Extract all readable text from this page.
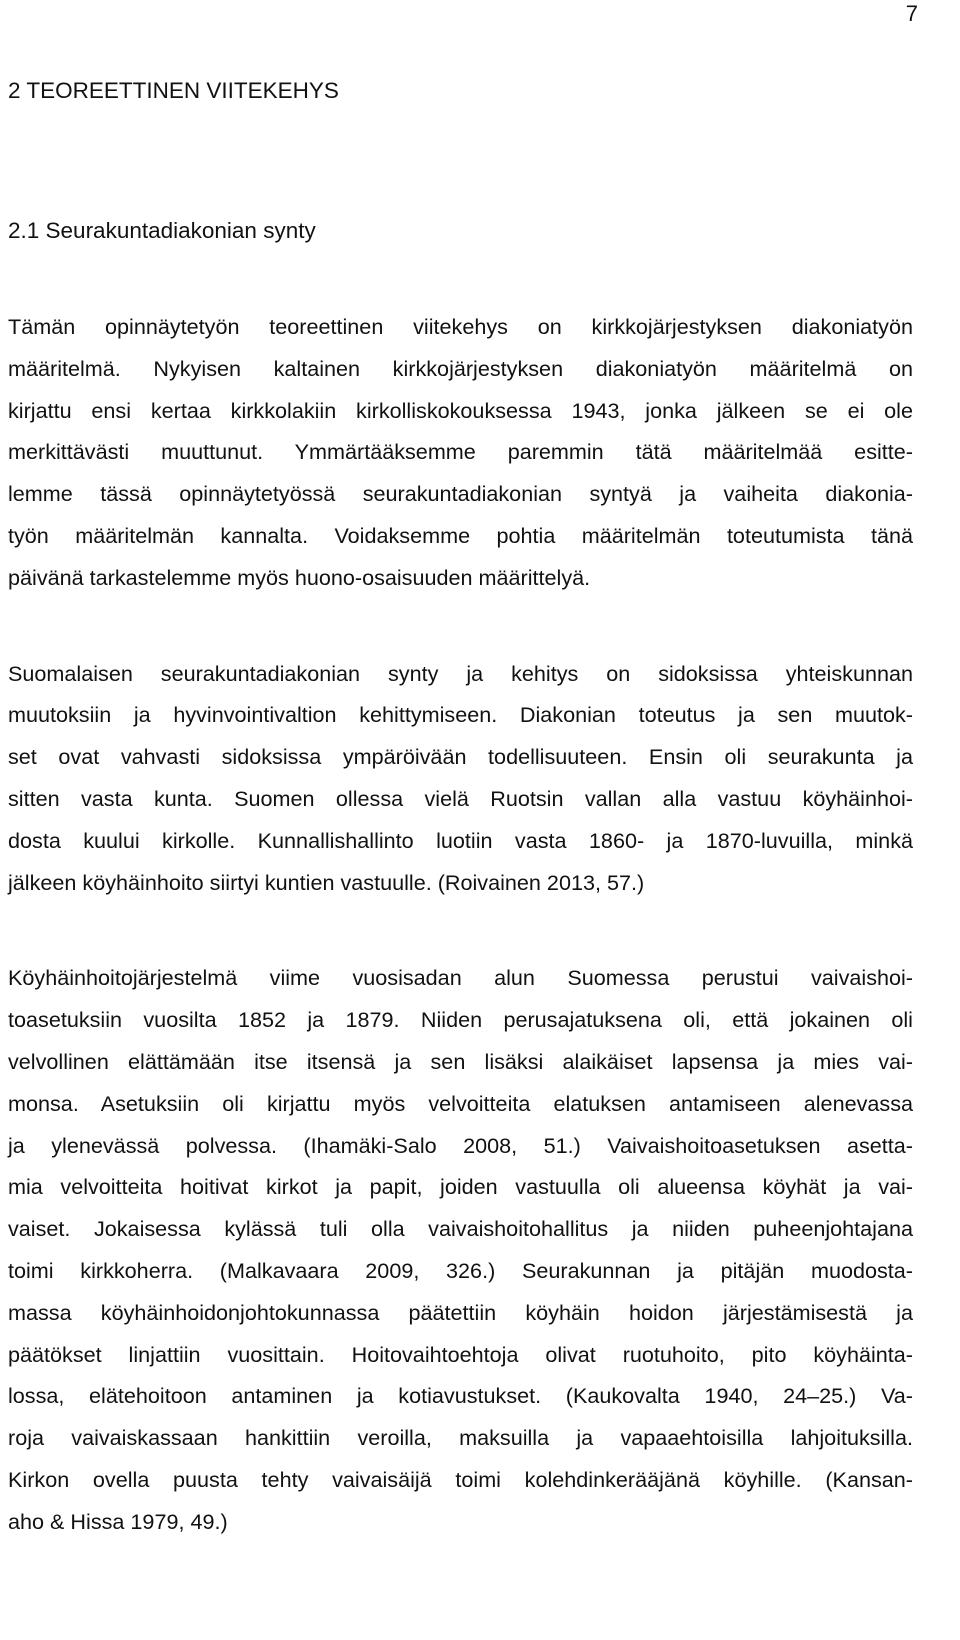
7
2 TEOREETTINEN VIITEKEHYS
2.1 Seurakuntadiakonian synty

Tämän opinnäytetyön teoreettinen viitekehys on kirkkojärjestyksen diakoniatyön
määritelmä. Nykyisen kaltainen kirkkojärjestyksen diakoniatyön määritelmä on
kirjattu ensi kertaa kirkkolakiin kirkolliskokouksessa 1943, jonka jälkeen se ei ole
merkittävästi muuttunut. Ymmärtääksemme paremmin tätä määritelmää esitte-
lemme tässä opinnäytetyössä seurakuntadiakonian syntyä ja vaiheita diakonia-
työn määritelmän kannalta. Voidaksemme pohtia määritelmän toteutumista tänä
päivänä tarkastelemme myös huono-osaisuuden määrittelyä.

Suomalaisen seurakuntadiakonian synty ja kehitys on sidoksissa yhteiskunnan
muutoksiin ja hyvinvointivaltion kehittymiseen. Diakonian toteutus ja sen muutok-
set ovat vahvasti sidoksissa ympäröivään todellisuuteen. Ensin oli seurakunta ja
sitten vasta kunta. Suomen ollessa vielä Ruotsin vallan alla vastuu köyhäinhoi-
dosta kuului kirkolle. Kunnallishallinto luotiin vasta 1860- ja 1870-luvuilla, minkä
jälkeen köyhäinhoito siirtyi kuntien vastuulle. (Roivainen 2013, 57.)

Köyhäinhoitojärjestelmä viime vuosisadan alun Suomessa perustui vaivaishoi-
toasetuksiin vuosilta 1852 ja 1879. Niiden perusajatuksena oli, että jokainen oli
velvollinen elättämään itse itsensä ja sen lisäksi alaikäiset lapsensa ja mies vai-
monsa. Asetuksiin oli kirjattu myös velvoitteita elatuksen antamiseen alenevassa
ja ylenevässä polvessa. (Ihamäki-Salo 2008, 51.) Vaivaishoitoasetuksen asetta-
mia velvoitteita hoitivat kirkot ja papit, joiden vastuulla oli alueensa köyhät ja vai-
vaiset. Jokaisessa kylässä tuli olla vaivaishoitohallitus ja niiden puheenjohtajana
toimi kirkkoherra. (Malkavaara 2009, 326.) Seurakunnan ja pitäjän muodosta-
massa köyhäinhoidonjohtokunnassa päätettiin köyhäin hoidon järjestämisestä ja
päätökset linjattiin vuosittain. Hoitovaihtoehtoja olivat ruotuhoito, pito köyhäinta-
lossa, elätehoitoon antaminen ja kotiavustukset. (Kaukovalta 1940, 24–25.) Va-
roja vaivaiskassaan hankittiin veroilla, maksuilla ja vapaaehtoisilla lahjoituksilla.
Kirkon ovella puusta tehty vaivaisäijä toimi kolehdinkerääjänä köyhille. (Kansan-
aho & Hissa 1979, 49.)
